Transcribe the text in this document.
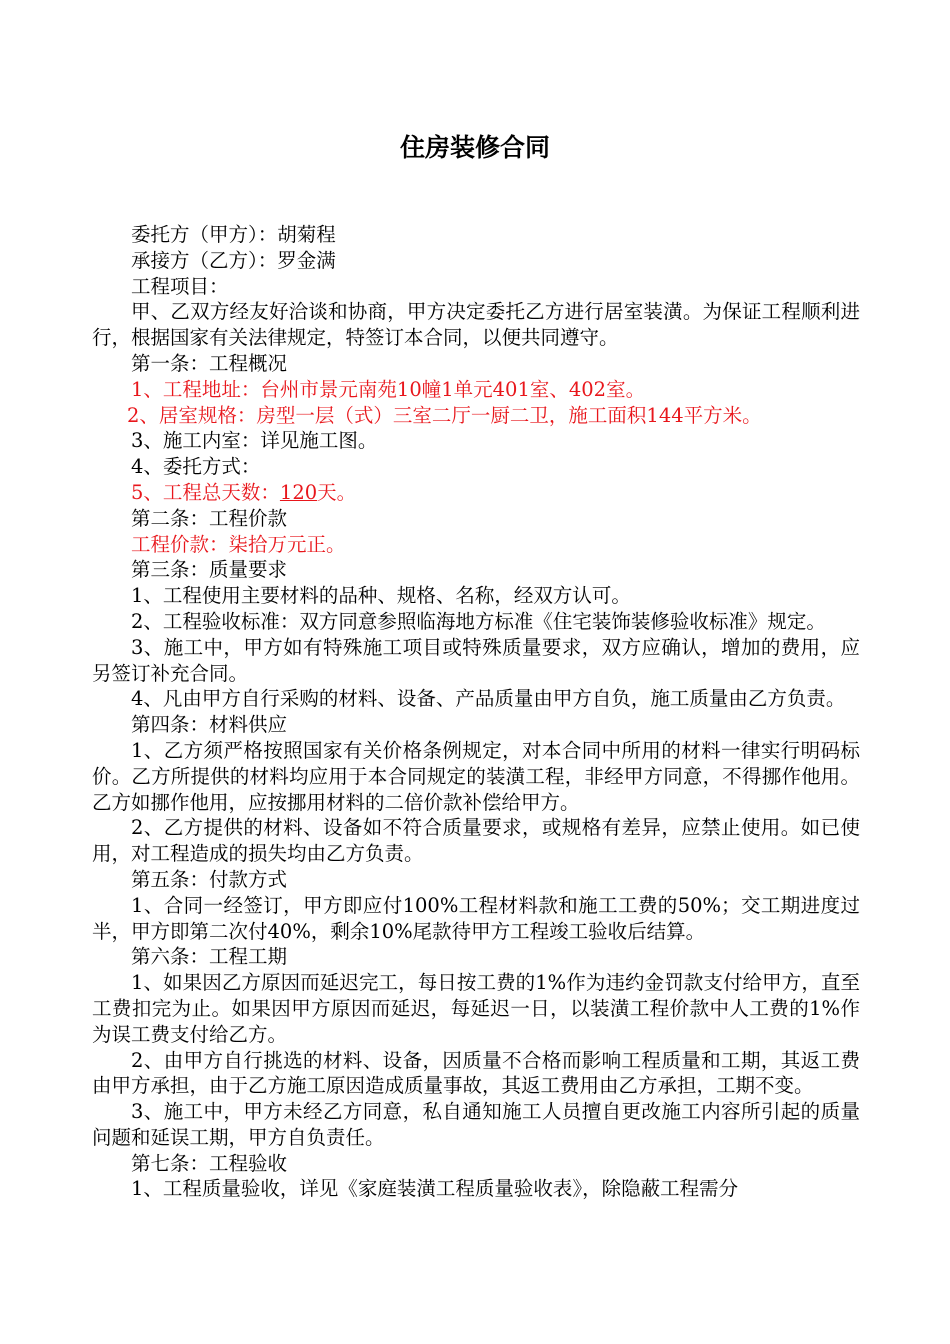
住房装修合同

委托方（甲方）：胡菊程

承接方（乙方）：罗金满

工程项目：

甲、乙双方经友好洽谈和协商，甲方决定委托乙方进行居室装潢。为保证工程顺利进行，根据国家有关法律规定，特签订本合同，以便共同遵守。

第一条：工程概况

1、工程地址：台州市景元南苑10幢1单元401室、402室。

2、居室规格：房型一层（式）三室二厅一厨二卫，施工面积144平方米。

3、施工内室：详见施工图。

4、委托方式：

5、工程总天数：120天。

第二条：工程价款

工程价款：柒拾万元正。

第三条：质量要求

1、工程使用主要材料的品种、规格、名称，经双方认可。

2、工程验收标准：双方同意参照临海地方标准《住宅装饰装修验收标准》规定。

3、施工中，甲方如有特殊施工项目或特殊质量要求，双方应确认，增加的费用，应另签订补充合同。

4、凡由甲方自行采购的材料、设备、产品质量由甲方自负，施工质量由乙方负责。

第四条：材料供应

1、乙方须严格按照国家有关价格条例规定，对本合同中所用的材料一律实行明码标价。乙方所提供的材料均应用于本合同规定的装潢工程，非经甲方同意，不得挪作他用。乙方如挪作他用，应按挪用材料的二倍价款补偿给甲方。

2、乙方提供的材料、设备如不符合质量要求，或规格有差异，应禁止使用。如已使用，对工程造成的损失均由乙方负责。

第五条：付款方式

1、合同一经签订，甲方即应付100%工程材料款和施工工费的50%；交工期进度过半，甲方即第二次付40%，剩余10%尾款待甲方工程竣工验收后结算。

第六条：工程工期

1、如果因乙方原因而延迟完工，每日按工费的1%作为违约金罚款支付给甲方，直至工费扣完为止。如果因甲方原因而延迟，每延迟一日，以装潢工程价款中人工费的1%作为误工费支付给乙方。

2、由甲方自行挑选的材料、设备，因质量不合格而影响工程质量和工期，其返工费由甲方承担，由于乙方施工原因造成质量事故，其返工费用由乙方承担，工期不变。

3、施工中，甲方未经乙方同意，私自通知施工人员擅自更改施工内容所引起的质量问题和延误工期，甲方自负责任。

第七条：工程验收

1、工程质量验收，详见《家庭装潢工程质量验收表》，除隐蔽工程需分
